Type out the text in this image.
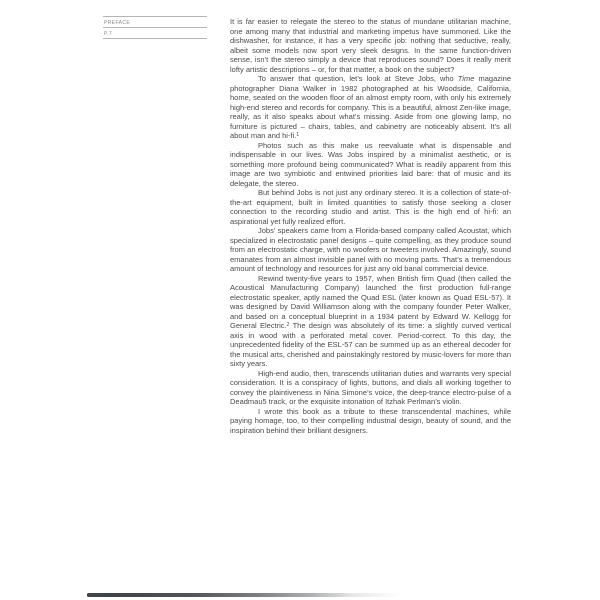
PREFACE
P.7

It is far easier to relegate the stereo to the status of mundane utilitarian machine, one among many that industrial and marketing impetus have summoned. Like the dishwasher, for instance, it has a very specific job: nothing that seductive, really, albeit some models now sport very sleek designs. In the same function-driven sense, isn’t the stereo simply a device that reproduces sound? Does it really merit lofty artistic descriptions – or, for that matter, a book on the subject?

To answer that question, let’s look at Steve Jobs, who Time magazine photographer Diana Walker in 1982 photographed at his Woodside, California, home, seated on the wooden floor of an almost empty room, with only his extremely high-end stereo and records for company. This is a beautiful, almost Zen-like image, really, as it also speaks about what’s missing. Aside from one glowing lamp, no furniture is pictured – chairs, tables, and cabinetry are noticeably absent. It’s all about man and hi-fi.$^1$

Photos such as this make us reevaluate what is dispensable and indispensable in our lives. Was Jobs inspired by a minimalist aesthetic, or is something more profound being communicated? What is readily apparent from this image are two symbiotic and entwined priorities laid bare: that of music and its delegate, the stereo.

But behind Jobs is not just any ordinary stereo. It is a collection of state-of-the-art equipment, built in limited quantities to satisfy those seeking a closer connection to the recording studio and artist. This is the high end of hi-fi: an aspirational yet fully realized effort.

Jobs’ speakers came from a Florida-based company called Acoustat, which specialized in electrostatic panel designs – quite compelling, as they produce sound from an electrostatic charge, with no woofers or tweeters involved. Amazingly, sound emanates from an almost invisible panel with no moving parts. That’s a tremendous amount of technology and resources for just any old banal commercial device.

Rewind twenty-five years to 1957, when British firm Quad (then called the Acoustical Manufacturing Company) launched the first production full-range electrostatic speaker, aptly named the Quad ESL (later known as Quad ESL-57). It was designed by David Williamson along with the company founder Peter Walker, and based on a conceptual blueprint in a 1934 patent by Edward W. Kellogg for General Electric.$^2$ The design was absolutely of its time: a slightly curved vertical axis in wood with a perforated metal cover. Period-correct. To this day, the unprecedented fidelity of the ESL-57 can be summed up as an ethereal decoder for the musical arts, cherished and painstakingly restored by music-lovers for more than sixty years.

High-end audio, then, transcends utilitarian duties and warrants very special consideration. It is a conspiracy of lights, buttons, and dials all working together to convey the plaintiveness in Nina Simone’s voice, the deep-trance electro-pulse of a Deadmau5 track, or the exquisite intonation of Itzhak Perlman’s violin.

I wrote this book as a tribute to these transcendental machines, while paying homage, too, to their compelling industrial design, beauty of sound, and the inspiration behind their brilliant designers.
